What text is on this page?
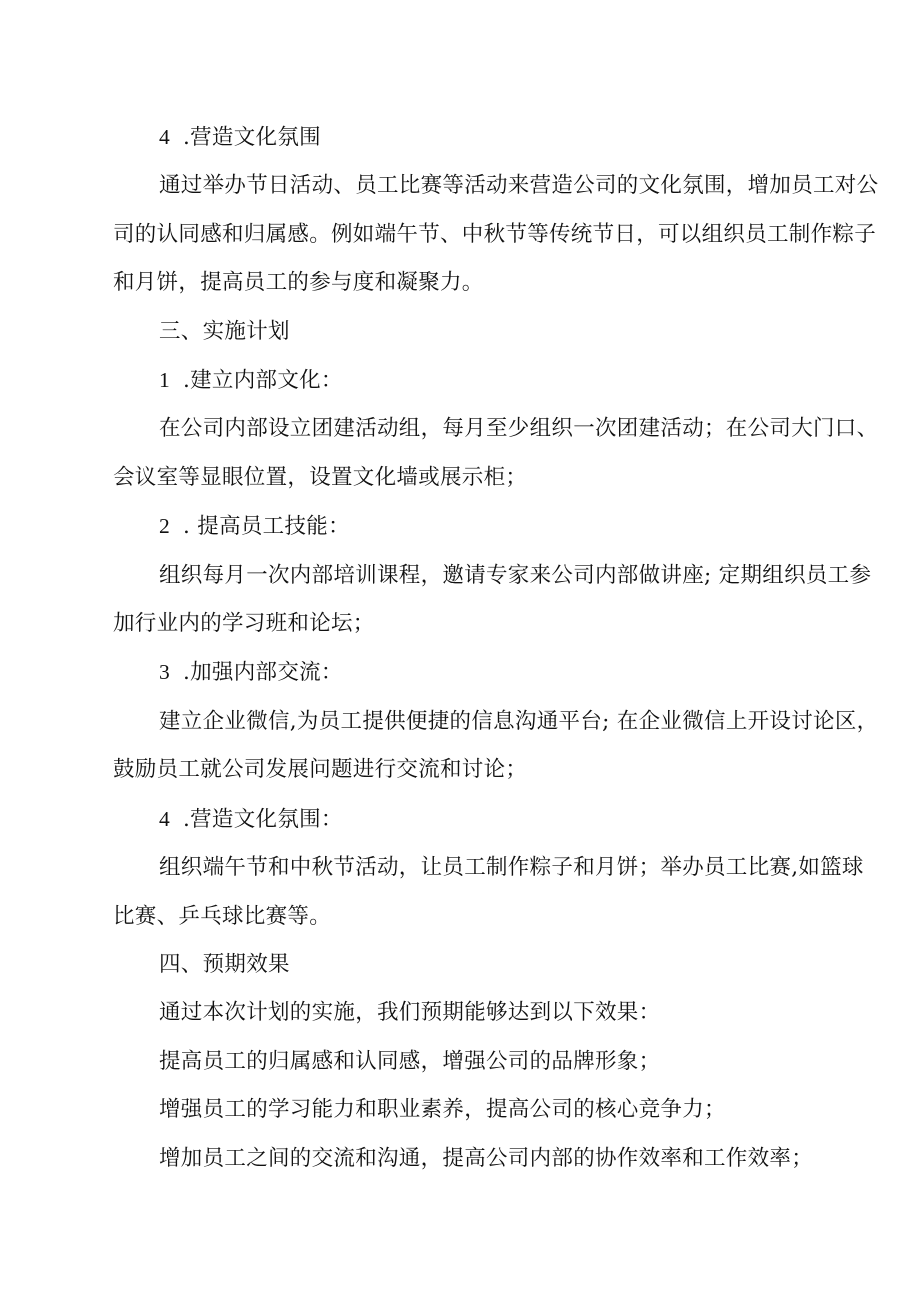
4 .营造文化氛围

通过举办节日活动、员工比赛等活动来营造公司的文化氛围，增加员工对公
司的认同感和归属感。例如端午节、中秋节等传统节日，可以组织员工制作粽子
和月饼，提高员工的参与度和凝聚力。

三、实施计划

1 .建立内部文化：

在公司内部设立团建活动组，每月至少组织一次团建活动；在公司大门口、
会议室等显眼位置，设置文化墙或展示柜；

2 . 提高员工技能：

组织每月一次内部培训课程，邀请专家来公司内部做讲座; 定期组织员工参
加行业内的学习班和论坛；

3 .加强内部交流：

建立企业微信,为员工提供便捷的信息沟通平台; 在企业微信上开设讨论区，
鼓励员工就公司发展问题进行交流和讨论；

4 .营造文化氛围：

组织端午节和中秋节活动，让员工制作粽子和月饼；举办员工比赛,如篮球
比赛、乒乓球比赛等。

四、预期效果

通过本次计划的实施，我们预期能够达到以下效果：

提高员工的归属感和认同感，增强公司的品牌形象；

增强员工的学习能力和职业素养，提高公司的核心竞争力；

增加员工之间的交流和沟通，提高公司内部的协作效率和工作效率；
